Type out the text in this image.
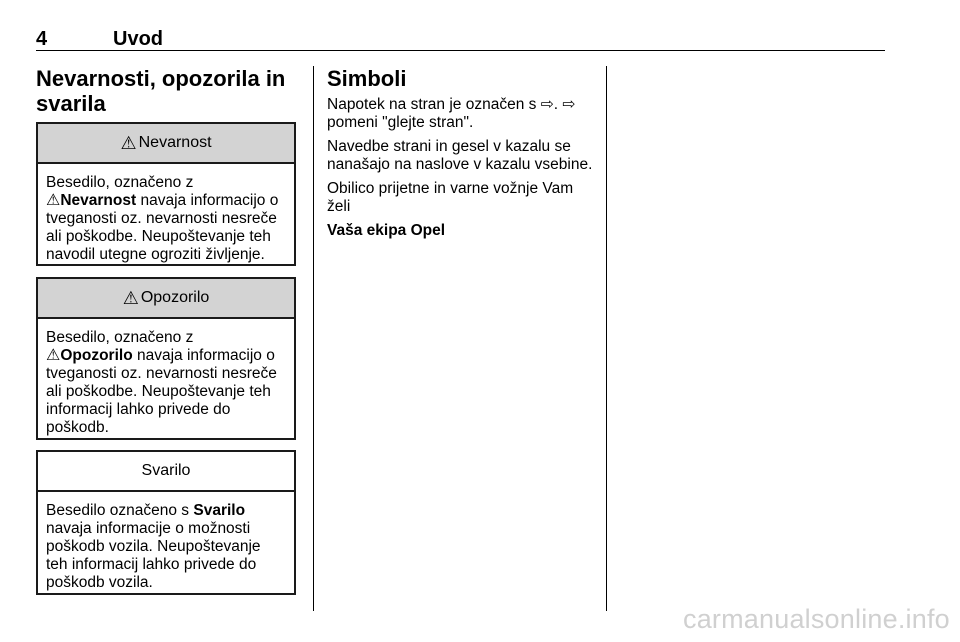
4	Uvod
Nevarnosti, opozorila in svarila
⚠ Nevarnost
Besedilo, označeno z
⚠Nevarnost navaja informacijo o tveganosti oz. nevarnosti nesreče ali poškodbe. Neupoštevanje teh navodil utegne ogroziti življenje.
⚠ Opozorilo
Besedilo, označeno z
⚠Opozorilo navaja informacijo o tveganosti oz. nevarnosti nesreče ali poškodbe. Neupoštevanje teh informacij lahko privede do poškodb.
Svarilo
Besedilo označeno s Svarilo navaja informacije o možnosti poškodb vozila. Neupoštevanje teh informacij lahko privede do poškodb vozila.
Simboli

Napotek na stran je označen s ⇨. ⇨
pomeni "glejte stran".

Navedbe strani in gesel v kazalu se nanašajo na naslove v kazalu vsebine.

Obilico prijetne in varne vožnje Vam želi

Vaša ekipa Opel

carmanualsonline.info
